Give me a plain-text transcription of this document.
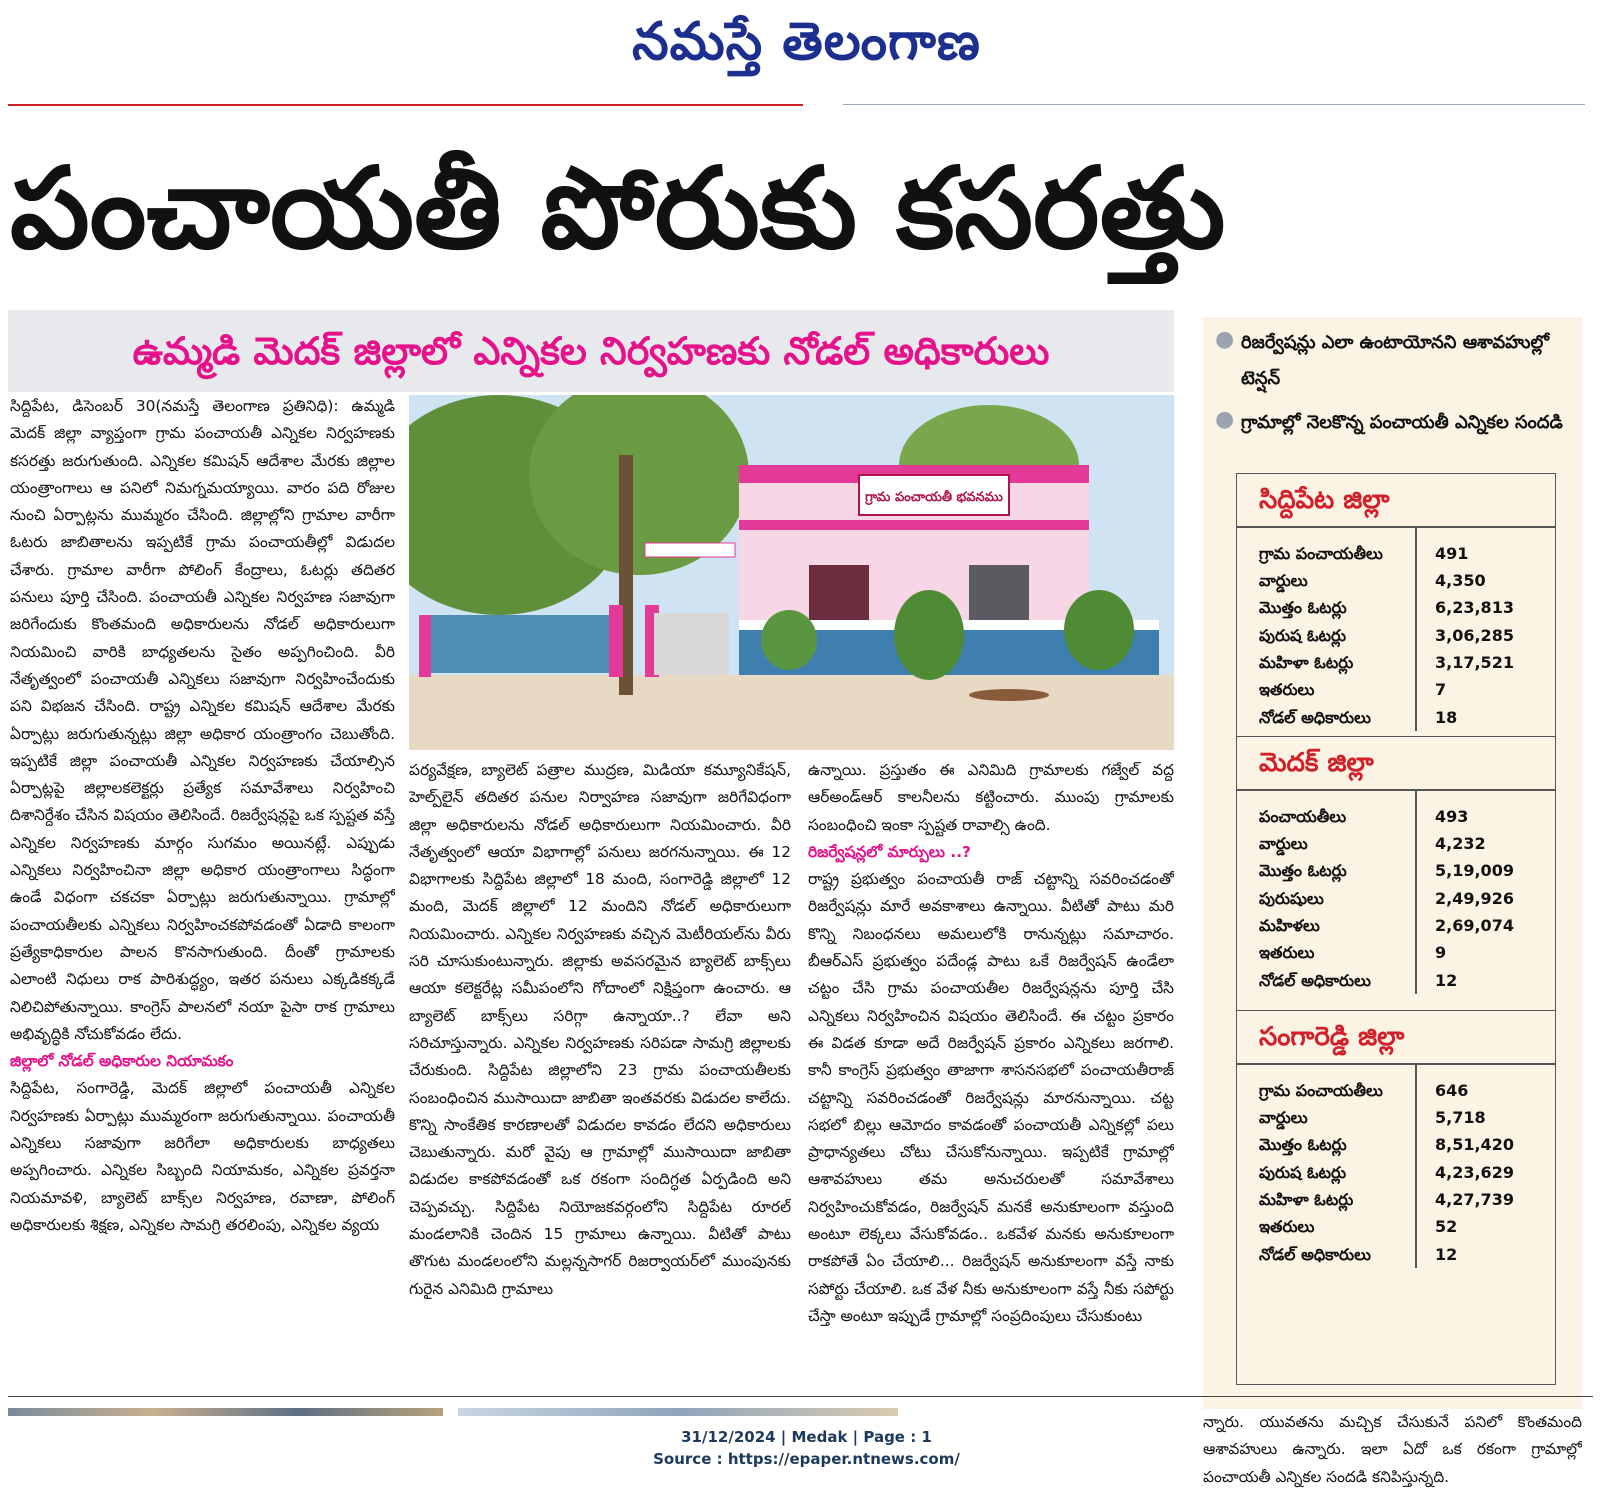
నమస్తే తెలంగాణ
పంచాయతీ పోరుకు కసరత్తు
ఉమ్మడి మెదక్ జిల్లాలో ఎన్నికల నిర్వహణకు నోడల్ అధికారులు
గ్రామ పంచాయతీ భవనము

సిద్దిపేట, డిసెంబర్ 30(నమస్తే తెలంగాణ ప్రతినిధి): ఉమ్మడి మెదక్ జిల్లా వ్యాప్తంగా గ్రామ పంచాయతీ ఎన్నికల నిర్వహణకు కసరత్తు జరుగుతుంది. ఎన్నికల కమిషన్ ఆదేశాల మేరకు జిల్లాల యంత్రాంగాలు ఆ పనిలో నిమగ్నమయ్యాయి. వారం పది రోజుల నుంచి ఏర్పాట్లను ముమ్మరం చేసింది. జిల్లాల్లోని గ్రామాల వారీగా ఓటరు జాబితాలను ఇప్పటికే గ్రామ పంచాయతీల్లో విడుదల చేశారు. గ్రామాల వారీగా పోలింగ్ కేంద్రాలు, ఓటర్లు తదితర పనులు పూర్తి చేసింది. పంచాయతీ ఎన్నికల నిర్వహణ సజావుగా జరిగేందుకు కొంతమంది అధికారులను నోడల్ అధికారులుగా నియమించి వారికి బాధ్యతలను సైతం అప్పగించింది. వీరి నేతృత్వంలో పంచాయతీ ఎన్నికలు సజావుగా నిర్వహించేందుకు పని విభజన చేసింది. రాష్ట్ర ఎన్నికల కమిషన్ ఆదేశాల మేరకు ఏర్పాట్లు జరుగుతున్నట్లు జిల్లా అధికార యంత్రాంగం చెబుతోంది. ఇప్పటికే జిల్లా పంచాయతీ ఎన్నికల నిర్వహణకు చేయాల్సిన ఏర్పాట్లపై జిల్లాలకలెక్టర్లు ప్రత్యేక సమావేశాలు నిర్వహించి దిశానిర్దేశం చేసిన విషయం తెలిసిందే. రిజర్వేషన్లపై ఒక స్పష్టత వస్తే ఎన్నికల నిర్వహణకు మార్గం సుగమం అయినట్లే. ఎప్పుడు ఎన్నికలు నిర్వహించినా జిల్లా అధికార యంత్రాంగాలు సిద్ధంగా ఉండే విధంగా చకచకా ఏర్పాట్లు జరుగుతున్నాయి. గ్రామాల్లో పంచాయతీలకు ఎన్నికలు నిర్వహించకపోవడంతో ఏడాది కాలంగా ప్రత్యేకాధికారుల పాలన కొనసాగుతుంది. దీంతో గ్రామాలకు ఎలాంటి నిధులు రాక పారిశుద్ధ్యం, ఇతర పనులు ఎక్కడికక్కడే నిలిచిపోతున్నాయి. కాంగ్రెస్ పాలనలో నయా పైసా రాక గ్రామాలు అభివృద్ధికి నోచుకోవడం లేదు.

జిల్లాలో నోడల్ అధికారుల నియామకం

సిద్దిపేట, సంగారెడ్డి, మెదక్ జిల్లాలో పంచాయతీ ఎన్నికల నిర్వహణకు ఏర్పాట్లు ముమ్మరంగా జరుగుతున్నాయి. పంచాయతీ ఎన్నికలు సజావుగా జరిగేలా అధికారులకు బాధ్యతలు అప్పగించారు. ఎన్నికల సిబ్బంది నియామకం, ఎన్నికల ప్రవర్తనా నియమావళి, బ్యాలెట్ బాక్స్‌ల నిర్వహణ, రవాణా, పోలింగ్ అధికారులకు శిక్షణ, ఎన్నికల సామగ్రి తరలింపు, ఎన్నికల వ్యయ

పర్యవేక్షణ, బ్యాలెట్ పత్రాల ముద్రణ, మిడియా కమ్యూనికేషన్, హెల్ప్‌లైన్ తదితర పనుల నిర్వాహణ సజావుగా జరిగేవిధంగా జిల్లా అధికారులను నోడల్ అధికారులుగా నియమించారు. వీరి నేతృత్వంలో ఆయా విభాగాల్లో పనులు జరగనున్నాయి. ఈ 12 విభాగాలకు సిద్దిపేట జిల్లాలో 18 మంది, సంగారెడ్డి జిల్లాలో 12 మంది, మెదక్ జిల్లాలో 12 మందిని నోడల్ అధికారులుగా నియమించారు. ఎన్నికల నిర్వహణకు వచ్చిన మెటీరియల్‌ను వీరు సరి చూసుకుంటున్నారు. జిల్లాకు అవసరమైన బ్యాలెట్ బాక్స్‌లు ఆయా కలెక్టరేట్ల సమీపంలోని గోదాంలో నిక్షిప్తంగా ఉంచారు. ఆ బ్యాలెట్ బాక్స్‌లు సరిగ్గా ఉన్నాయా..? లేవా అని సరిచూస్తున్నారు. ఎన్నికల నిర్వహణకు సరిపడా సామగ్రి జిల్లాలకు చేరుకుంది. సిద్దిపేట జిల్లాలోని 23 గ్రామ పంచాయతీలకు సంబంధించిన ముసాయిదా జాబితా ఇంతవరకు విడుదల కాలేదు. కొన్ని సాంకేతిక కారణాలతో విడుదల కావడం లేదని అధికారులు చెబుతున్నారు. మరో వైపు ఆ గ్రామాల్లో ముసాయిదా జాబితా విడుదల కాకపోవడంతో ఒక రకంగా సందిగ్ధత ఏర్పడింది అని చెప్పవచ్చు. సిద్దిపేట నియోజకవర్గంలోని సిద్దిపేట రూరల్ మండలానికి చెందిన 15 గ్రామాలు ఉన్నాయి. వీటితో పాటు తొగుట మండలంలోని మల్లన్నసాగర్ రిజర్వాయర్‌లో ముంపునకు గురైన ఎనిమిది గ్రామాలు

ఉన్నాయి. ప్రస్తుతం ఈ ఎనిమిది గ్రామాలకు గజ్వేల్ వద్ద ఆర్‌అండ్‌ఆర్ కాలనీలను కట్టించారు. ముంపు గ్రామాలకు సంబంధించి ఇంకా స్పష్టత రావాల్సి ఉంది.

రిజర్వేషన్లలో మార్పులు ..?

రాష్ట్ర ప్రభుత్వం పంచాయతీ రాజ్ చట్టాన్ని సవరించడంతో రిజర్వేషన్లు మారే అవకాశాలు ఉన్నాయి. వీటితో పాటు మరి కొన్ని నిబంధనలు అమలులోకి రానున్నట్లు సమాచారం. బీఆర్‌ఎస్ ప్రభుత్వం పదేండ్ల పాటు ఒకే రిజర్వేషన్ ఉండేలా చట్టం చేసి గ్రామ పంచాయతీల రిజర్వేషన్లను పూర్తి చేసి ఎన్నికలు నిర్వహించిన విషయం తెలిసిందే. ఈ చట్టం ప్రకారం ఈ విడత కూడా అదే రిజర్వేషన్ ప్రకారం ఎన్నికలు జరగాలి. కానీ కాంగ్రెస్ ప్రభుత్వం తాజాగా శాసనసభలో పంచాయతీరాజ్ చట్టాన్ని సవరించడంతో రిజర్వేషన్లు మారనున్నాయి. చట్ట సభలో బిల్లు ఆమోదం కావడంతో పంచాయతీ ఎన్నికల్లో పలు ప్రాధాన్యతలు చోటు చేసుకోనున్నాయి. ఇప్పటికే గ్రామాల్లో ఆశావహులు తమ అనుచరులతో సమావేశాలు నిర్వహించుకోవడం, రిజర్వేషన్ మనకే అనుకూలంగా వస్తుంది అంటూ లెక్కలు వేసుకోవడం.. ఒకవేళ మనకు అనుకూలంగా రాకపోతే ఏం చేయాలి... రిజర్వేషన్ అనుకూలంగా వస్తే నాకు సపోర్టు చేయాలి. ఒక వేళ నీకు అనుకూలంగా వస్తే నీకు సపోర్టు చేస్తా అంటూ ఇప్పుడే గ్రామాల్లో సంప్రదింపులు చేసుకుంటు

● రిజర్వేషన్లు ఎలా ఉంటాయోనని ఆశావహుల్లో టెన్షన్
● గ్రామాల్లో నెలకొన్న పంచాయతీ ఎన్నికల సందడి
సిద్దిపేట జిల్లా
గ్రామ పంచాయతీలు	491
వార్డులు	4,350
మొత్తం ఓటర్లు	6,23,813
పురుష ఓటర్లు	3,06,285
మహిళా ఓటర్లు	3,17,521
ఇతరులు	7
నోడల్ అధికారులు	18
మెదక్ జిల్లా
పంచాయతీలు	493
వార్డులు	4,232
మొత్తం ఓటర్లు	5,19,009
పురుషులు	2,49,926
మహిళలు	2,69,074
ఇతరులు	9
నోడల్ అధికారులు	12
సంగారెడ్డి జిల్లా
గ్రామ పంచాయతీలు	646
వార్డులు	5,718
మొత్తం ఓటర్లు	8,51,420
పురుష ఓటర్లు	4,23,629
మహిళా ఓటర్లు	4,27,739
ఇతరులు	52
నోడల్ అధికారులు	12

న్నారు. యువతను మచ్చిక చేసుకునే పనిలో కొంతమంది ఆశావహులు ఉన్నారు. ఇలా ఏదో ఒక రకంగా గ్రామాల్లో పంచాయతీ ఎన్నికల సందడి కనిపిస్తున్నది.

31/12/2024 | Medak | Page : 1
Source : https://epaper.ntnews.com/
